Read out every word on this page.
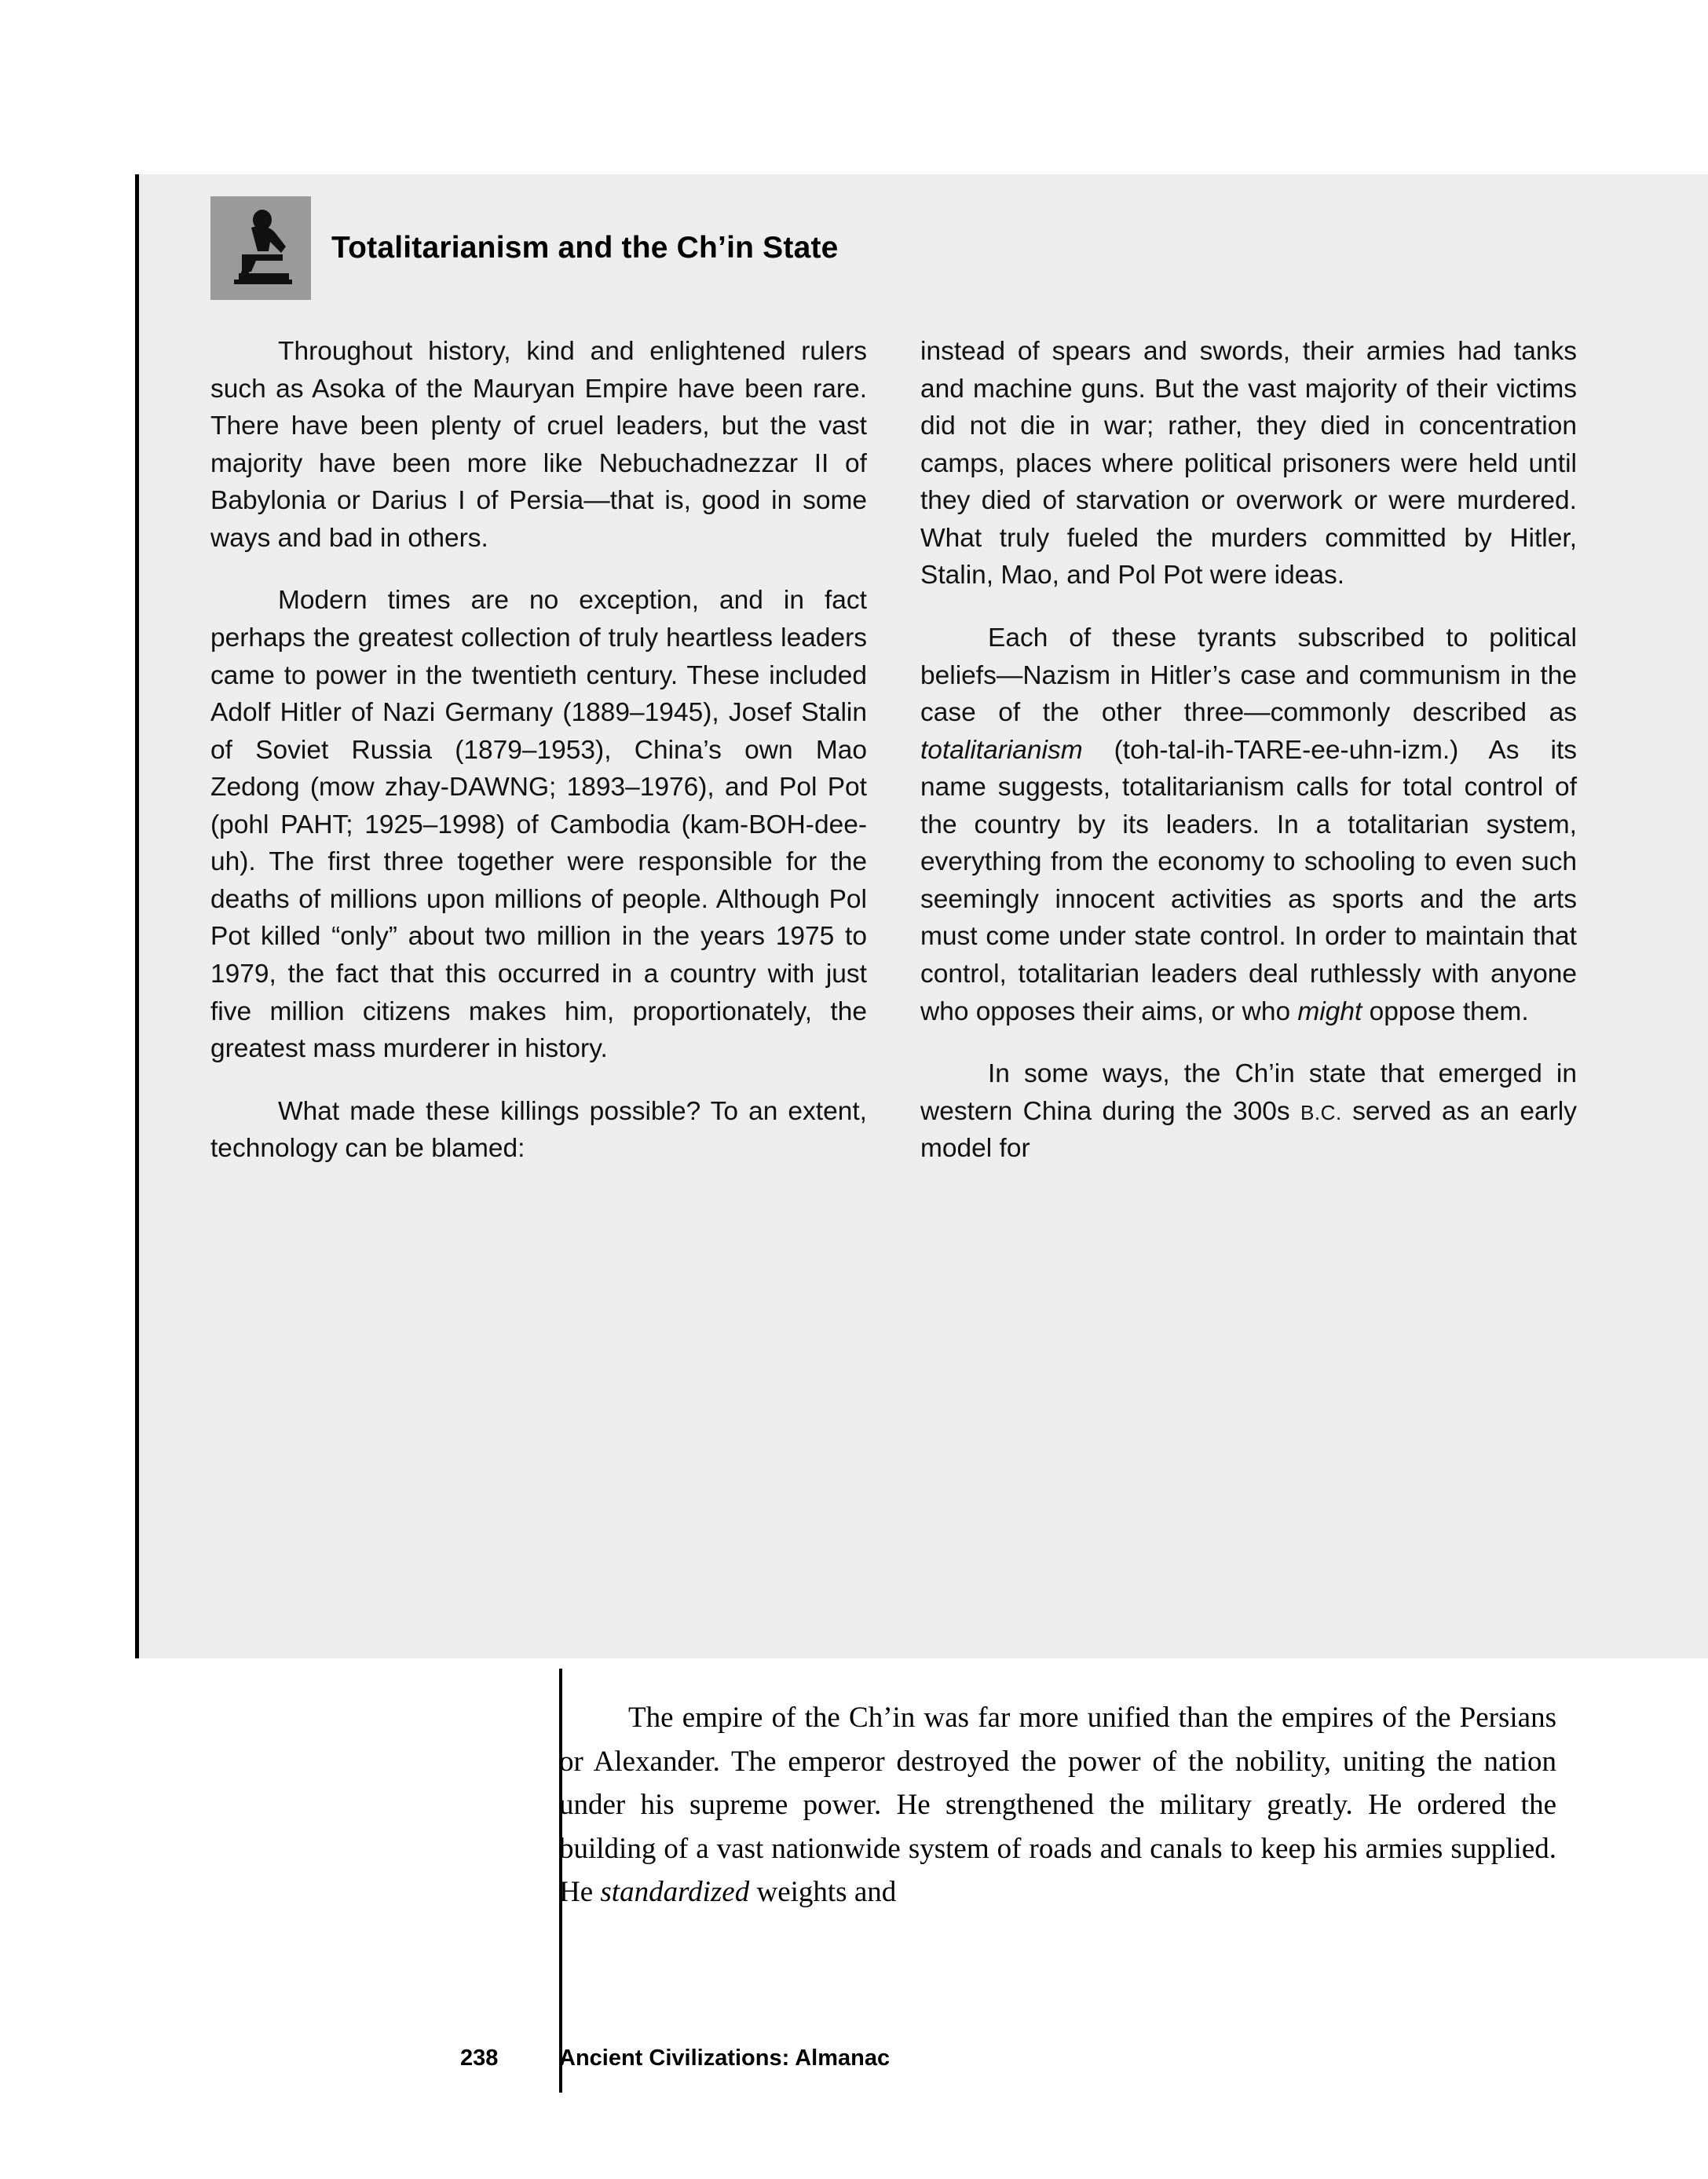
Totalitarianism and the Ch’in State

Throughout history, kind and enlightened rulers such as Asoka of the Mauryan Empire have been rare. There have been plenty of cruel leaders, but the vast majority have been more like Nebuchadnezzar II of Babylonia or Darius I of Persia—that is, good in some ways and bad in others.

Modern times are no exception, and in fact perhaps the greatest collection of truly heartless leaders came to power in the twentieth century. These included Adolf Hitler of Nazi Germany (1889–1945), Josef Stalin of Soviet Russia (1879–1953), China’s own Mao Zedong (mow zhay-DAWNG; 1893–1976), and Pol Pot (pohl PAHT; 1925–1998) of Cambodia (kam-BOH-dee-uh). The first three together were responsible for the deaths of millions upon millions of people. Although Pol Pot killed “only” about two million in the years 1975 to 1979, the fact that this occurred in a country with just five million citizens makes him, proportionately, the greatest mass murderer in history.

What made these killings possible? To an extent, technology can be blamed:

instead of spears and swords, their armies had tanks and machine guns. But the vast majority of their victims did not die in war; rather, they died in concentration camps, places where political prisoners were held until they died of starvation or overwork or were murdered. What truly fueled the murders committed by Hitler, Stalin, Mao, and Pol Pot were ideas.

Each of these tyrants subscribed to political beliefs—Nazism in Hitler’s case and communism in the case of the other three—commonly described as totalitarianism (toh-tal-ih-TARE-ee-uhn-izm.) As its name suggests, totalitarianism calls for total control of the country by its leaders. In a totalitarian system, everything from the economy to schooling to even such seemingly innocent activities as sports and the arts must come under state control. In order to maintain that control, totalitarian leaders deal ruthlessly with anyone who opposes their aims, or who might oppose them.

In some ways, the Ch’in state that emerged in western China during the 300s B.C. served as an early model for

The empire of the Ch’in was far more unified than the empires of the Persians or Alexander. The emperor destroyed the power of the nobility, uniting the nation under his supreme power. He strengthened the military greatly. He ordered the building of a vast nationwide system of roads and canals to keep his armies supplied. He standardized weights and

238	Ancient Civilizations: Almanac
